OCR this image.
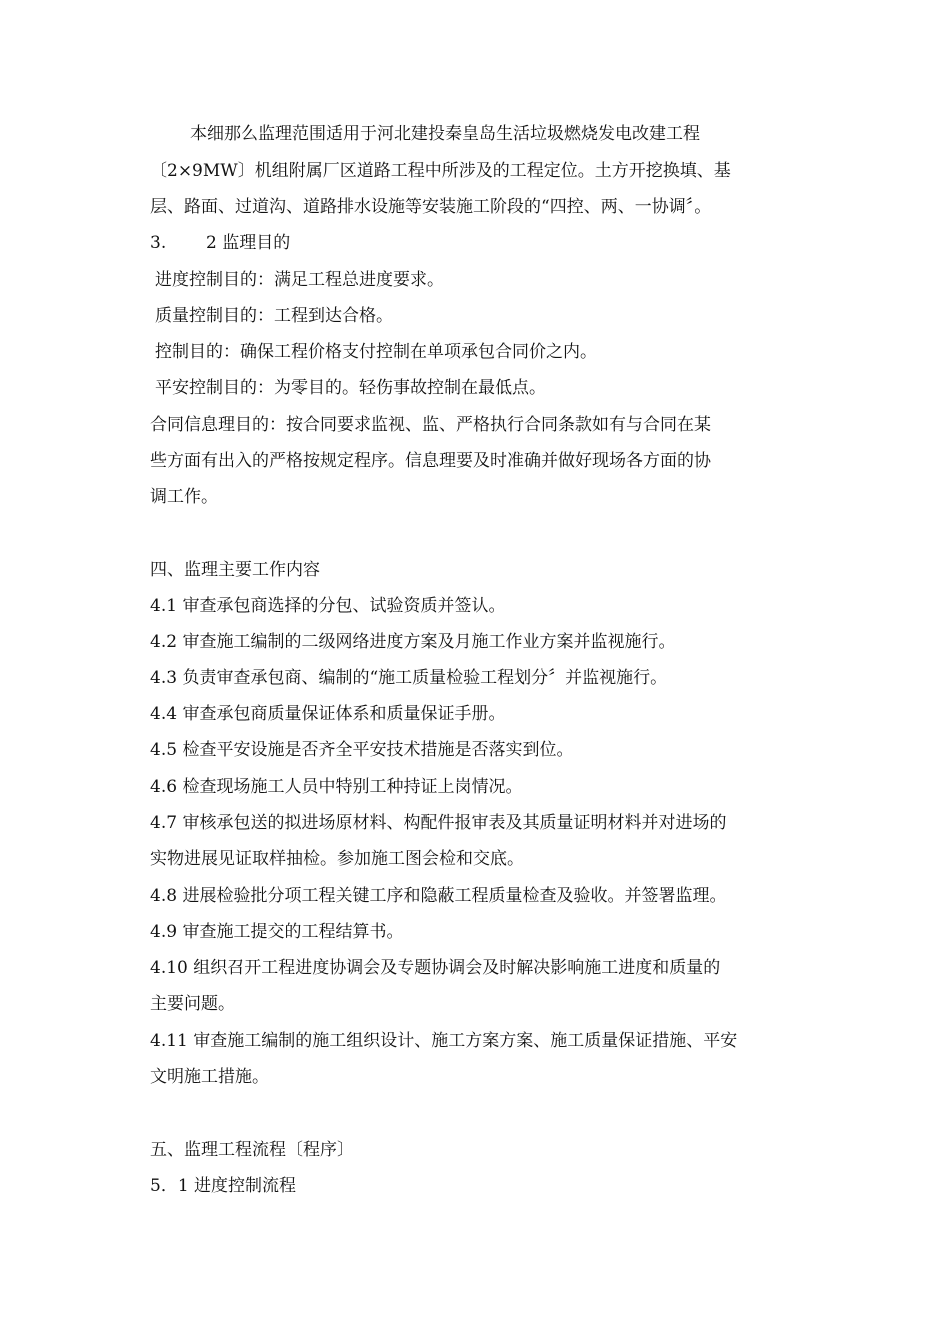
本细那么监理范围适用于河北建投秦皇岛生活垃圾燃烧发电改建工程

〔2×9MW〕机组附属厂区道路工程中所涉及的工程定位。土方开挖换填、基

层、路面、过道沟、道路排水设施等安装施工阶段的“四控、两、一协调〞。

3. 2 监理目的

进度控制目的：满足工程总进度要求。

质量控制目的：工程到达合格。

控制目的：确保工程价格支付控制在单项承包合同价之内。

平安控制目的：为零目的。轻伤事故控制在最低点。

合同信息理目的：按合同要求监视、监、严格执行合同条款如有与合同在某

些方面有出入的严格按规定程序。信息理要及时准确并做好现场各方面的协

调工作。

四、监理主要工作内容

4.1 审查承包商选择的分包、试验资质并签认。

4.2 审查施工编制的二级网络进度方案及月施工作业方案并监视施行。

4.3 负责审查承包商、编制的“施工质量检验工程划分〞并监视施行。

4.4 审查承包商质量保证体系和质量保证手册。

4.5 检查平安设施是否齐全平安技术措施是否落实到位。

4.6 检查现场施工人员中特别工种持证上岗情况。

4.7 审核承包送的拟进场原材料、构配件报审表及其质量证明材料并对进场的

实物进展见证取样抽检。参加施工图会检和交底。

4.8 进展检验批分项工程关键工序和隐蔽工程质量检查及验收。并签署监理。

4.9 审查施工提交的工程结算书。

4.10 组织召开工程进度协调会及专题协调会及时解决影响施工进度和质量的

主要问题。

4.11 审查施工编制的施工组织设计、施工方案方案、施工质量保证措施、平安

文明施工措施。

五、监理工程流程〔程序〕

5．1 进度控制流程
